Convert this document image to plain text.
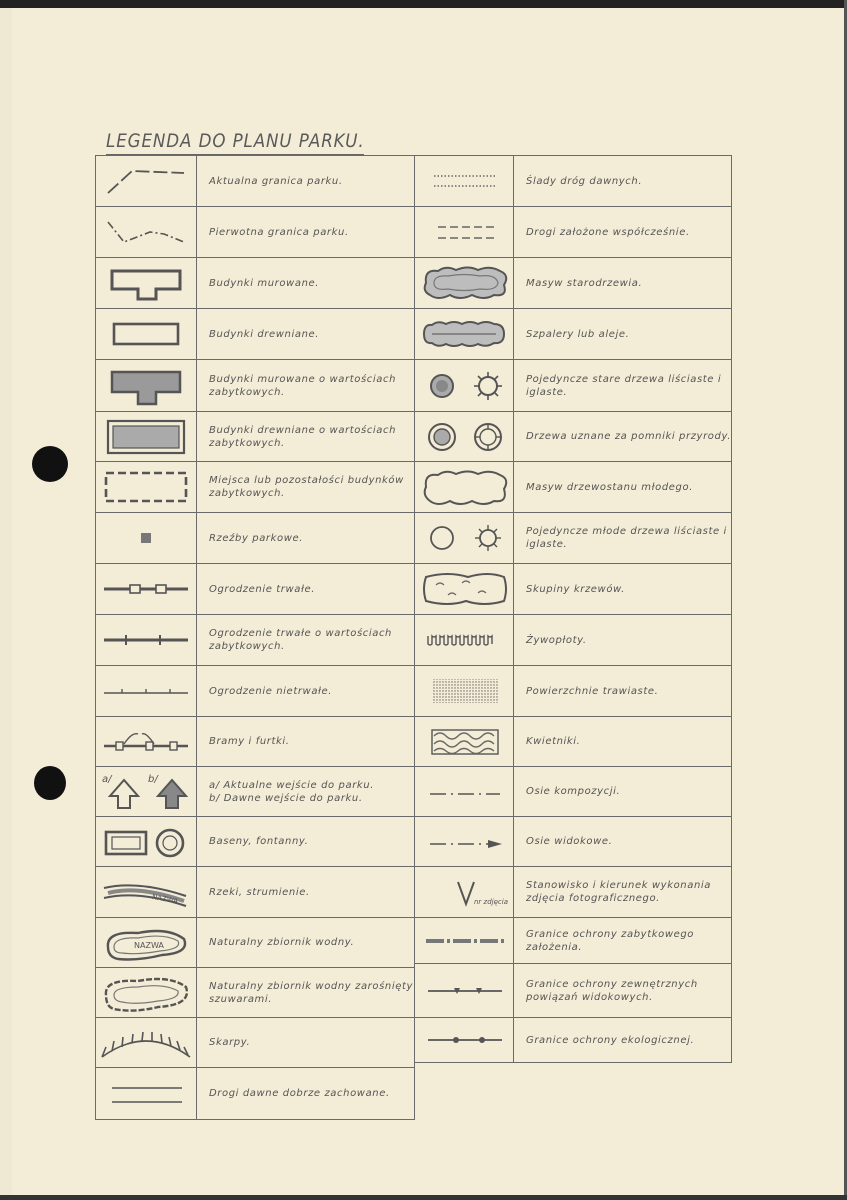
LEGENDA DO PLANU PARKU.
	Aktualna granica parku.

	Pierwotna granica parku.

	Budynki murowane.

	Budynki drewniane.

	Budynki murowane o wartościach zabytkowych.

	Budynki drewniane o wartościach zabytkowych.

	Miejsca lub pozostałości budynków zabytkowych.

	Rzeźby parkowe.

	Ogrodzenie trwałe.

	Ogrodzenie trwałe o wartościach zabytkowych.

	Ogrodzenie nietrwałe.

	Bramy i furtki.

a/ b/	a/ Aktualne wejście do parku.
b/ Dawne wejście do parku.

	Baseny, fontanny.

NAZWA	Rzeki, strumienie.

NAZWA	Naturalny zbiornik wodny.

	Naturalny zbiornik wodny zarośnięty szuwarami.

	Skarpy.

	Drogi dawne dobrze zachowane.
	Ślady dróg dawnych.

	Drogi założone współcześnie.

	Masyw starodrzewia.

	Szpalery lub aleje.

	Pojedyncze stare drzewa liściaste i iglaste.

	Drzewa uznane za pomniki przyrody.

	Masyw drzewostanu młodego.

	Pojedyncze młode drzewa liściaste i iglaste.

	Skupiny krzewów.

	Żywopłoty.

	Powierzchnie trawiaste.

	Kwietniki.

	Osie kompozycji.

	Osie widokowe.

nr zdjęcia	Stanowisko i kierunek wykonania zdjęcia fotograficznego.

	Granice ochrony zabytkowego założenia.

	Granice ochrony zewnętrznych powiązań widokowych.

	Granice ochrony ekologicznej.
